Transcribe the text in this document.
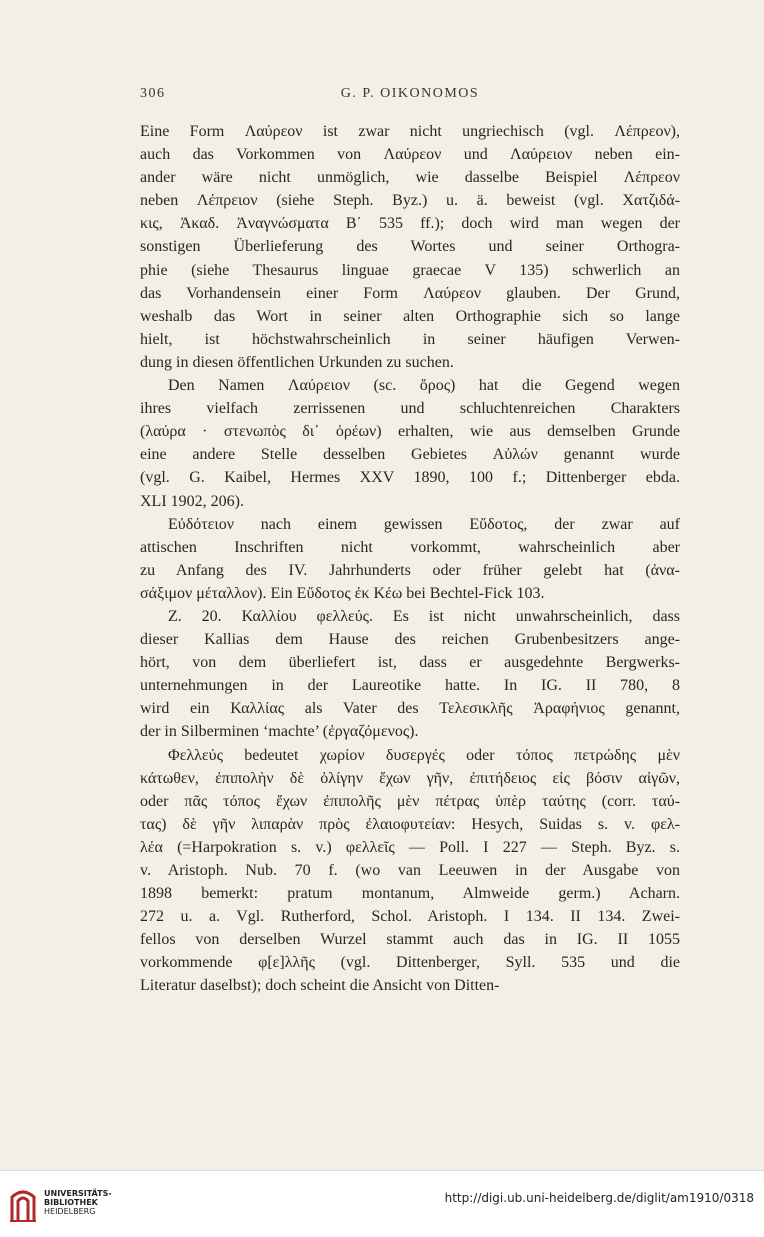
306	G. P. OIKONOMOS

Eine Form Λαύρεον ist zwar nicht ungriechisch (vgl. Λέπρεον),
auch das Vorkommen von Λαύρεον und Λαύρειον neben ein-
ander wäre nicht unmöglich, wie dasselbe Beispiel Λέπρεον
neben Λέπρειον (siehe Steph. Byz.) u. ä. beweist (vgl. Χατζιδά-
κις, Ἀκαδ. Ἀναγνώσματα Β΄ 535 ff.); doch wird man wegen der
sonstigen Überlieferung des Wortes und seiner Orthogra-
phie (siehe Thesaurus linguae graecae V 135) schwerlich an
das Vorhandensein einer Form Λαύρεον glauben. Der Grund,
weshalb das Wort in seiner alten Orthographie sich so lange
hielt, ist höchstwahrscheinlich in seiner häufigen Verwen-
dung in diesen öffentlichen Urkunden zu suchen.

Den Namen Λαύρειον (sc. ὄρος) hat die Gegend wegen
ihres vielfach zerrissenen und schluchtenreichen Charakters
(λαύρα · στενωπὸς δι᾽ ὀρέων) erhalten, wie aus demselben Grunde
eine andere Stelle desselben Gebietes Αὐλών genannt wurde
(vgl. G. Kaibel, Hermes XXV 1890, 100 f.; Dittenberger ebda.
XLI 1902, 206).

Εὐδότειον nach einem gewissen Εὔδοτος, der zwar auf
attischen Inschriften nicht vorkommt, wahrscheinlich aber
zu Anfang des IV. Jahrhunderts oder früher gelebt hat (ἀνα-
σάξιμον μέταλλον). Ein Εὔδοτος ἐκ Κέω bei Bechtel-Fick 103.

Z. 20. Καλλίου φελλεύς. Es ist nicht unwahrscheinlich, dass
dieser Kallias dem Hause des reichen Grubenbesitzers ange-
hört, von dem überliefert ist, dass er ausgedehnte Bergwerks-
unternehmungen in der Laureotike hatte. In IG. II 780, 8
wird ein Καλλίας als Vater des Τελεσικλῆς Ἀραφήνιος genannt,
der in Silberminen ‘machte’ (ἐργαζόμενος).

Φελλεύς bedeutet χωρίον δυσεργές oder τόπος πετρώδης μὲν
κάτωθεν, ἐπιπολὴν δὲ ὀλίγην ἔχων γῆν, ἐπιτήδειος εἰς βόσιν αἰγῶν,
oder πᾶς τόπος ἔχων ἐπιπολῆς μὲν πέτρας ὑπὲρ ταύτης (corr. ταύ-
τας) δὲ γῆν λιπαρὰν πρὸς ἐλαιοφυτείαν: Hesych, Suidas s. v. φελ-
λέα (=Harpokration s. v.) φελλεῖς — Poll. I 227 — Steph. Byz. s.
v. Aristoph. Nub. 70 f. (wo van Leeuwen in der Ausgabe von
1898 bemerkt: pratum montanum, Almweide germ.) Acharn.
272 u. a. Vgl. Rutherford, Schol. Aristoph. I 134. II 134. Zwei-
fellos von derselben Wurzel stammt auch das in IG. II 1055
vorkommende φ[ε]λλῆς (vgl. Dittenberger, Syll. 535 und die
Literatur daselbst); doch scheint die Ansicht von Ditten-

UNIVERSITÄTS-
BIBLIOTHEK
HEIDELBERG
http://digi.ub.uni-heidelberg.de/diglit/am1910/0318
